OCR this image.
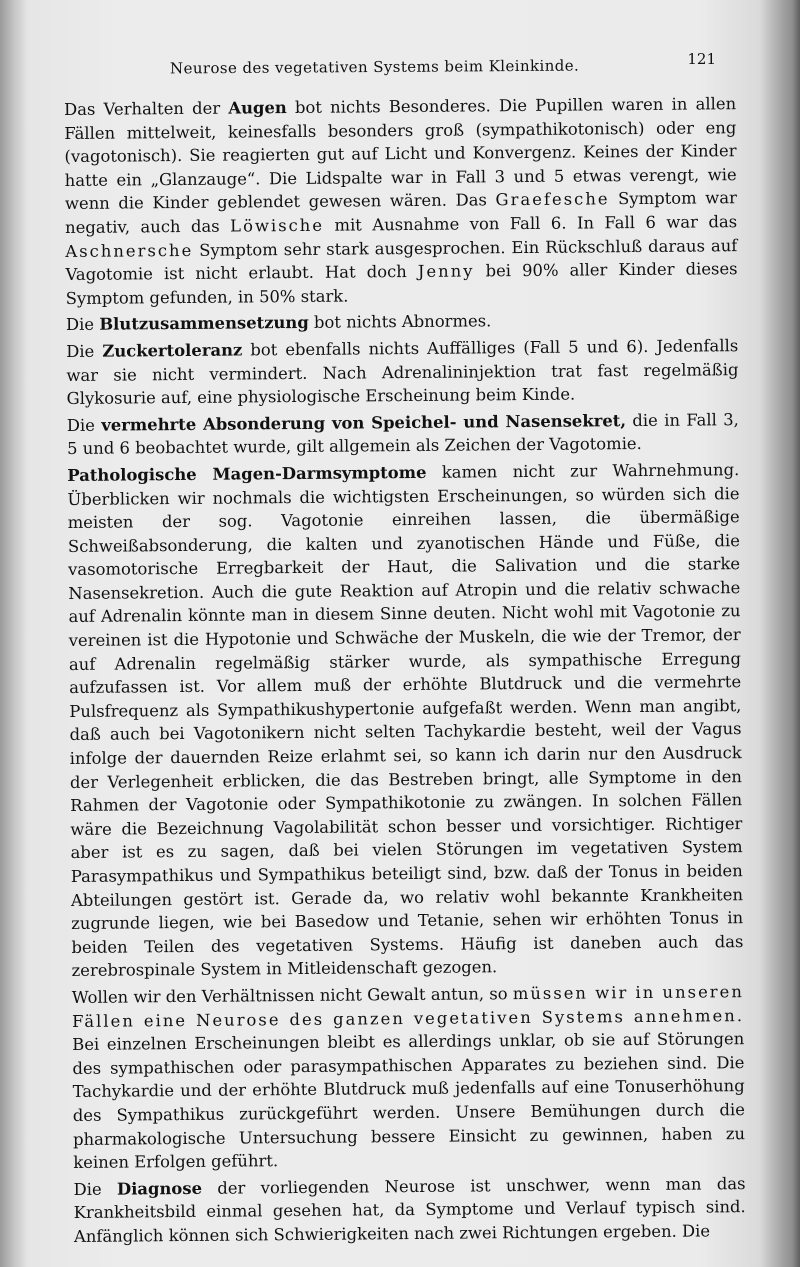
Neurose des vegetativen Systems beim Kleinkinde.	121

Das Verhalten der Augen bot nichts Besonderes. Die Pupillen waren in allen Fällen mittelweit, keinesfalls besonders groß (sympathikotonisch) oder eng (vagotonisch). Sie reagierten gut auf Licht und Konvergenz. Keines der Kinder hatte ein „Glanzauge“. Die Lidspalte war in Fall 3 und 5 etwas verengt, wie wenn die Kinder geblendet gewesen wären. Das Graefesche Symptom war negativ, auch das Löwische mit Ausnahme von Fall 6. In Fall 6 war das Aschnersche Symptom sehr stark ausgesprochen. Ein Rückschluß daraus auf Vagotomie ist nicht erlaubt. Hat doch Jenny bei 90% aller Kinder dieses Symptom gefunden, in 50% stark.

Die Blutzusammensetzung bot nichts Abnormes.

Die Zuckertoleranz bot ebenfalls nichts Auffälliges (Fall 5 und 6). Jedenfalls war sie nicht vermindert. Nach Adrenalininjektion trat fast regelmäßig Glykosurie auf, eine physiologische Erscheinung beim Kinde.

Die vermehrte Absonderung von Speichel- und Nasensekret, die in Fall 3, 5 und 6 beobachtet wurde, gilt allgemein als Zeichen der Vagotomie.

Pathologische Magen-Darmsymptome kamen nicht zur Wahrnehmung. Überblicken wir nochmals die wichtigsten Erscheinungen, so würden sich die meisten der sog. Vagotonie einreihen lassen, die übermäßige Schweißabsonderung, die kalten und zyanotischen Hände und Füße, die vasomotorische Erregbarkeit der Haut, die Salivation und die starke Nasensekretion. Auch die gute Reaktion auf Atropin und die relativ schwache auf Adrenalin könnte man in diesem Sinne deuten. Nicht wohl mit Vagotonie zu vereinen ist die Hypotonie und Schwäche der Muskeln, die wie der Tremor, der auf Adrenalin regelmäßig stärker wurde, als sympathische Erregung aufzufassen ist. Vor allem muß der erhöhte Blutdruck und die vermehrte Pulsfrequenz als Sympathikushypertonie aufgefaßt werden. Wenn man angibt, daß auch bei Vagotonikern nicht selten Tachykardie besteht, weil der Vagus infolge der dauernden Reize erlahmt sei, so kann ich darin nur den Ausdruck der Verlegenheit erblicken, die das Bestreben bringt, alle Symptome in den Rahmen der Vagotonie oder Sympathikotonie zu zwängen. In solchen Fällen wäre die Bezeichnung Vagolabilität schon besser und vorsichtiger. Richtiger aber ist es zu sagen, daß bei vielen Störungen im vegetativen System Parasympathikus und Sympathikus beteiligt sind, bzw. daß der Tonus in beiden Abteilungen gestört ist. Gerade da, wo relativ wohl bekannte Krankheiten zugrunde liegen, wie bei Basedow und Tetanie, sehen wir erhöhten Tonus in beiden Teilen des vegetativen Systems. Häufig ist daneben auch das zerebrospinale System in Mitleidenschaft gezogen.

Wollen wir den Verhältnissen nicht Gewalt antun, so müssen wir in unseren Fällen eine Neurose des ganzen vegetativen Systems annehmen. Bei einzelnen Erscheinungen bleibt es allerdings unklar, ob sie auf Störungen des sympathischen oder parasympathischen Apparates zu beziehen sind. Die Tachykardie und der erhöhte Blutdruck muß jedenfalls auf eine Tonuserhöhung des Sympathikus zurückgeführt werden. Unsere Bemühungen durch die pharmakologische Untersuchung bessere Einsicht zu gewinnen, haben zu keinen Erfolgen geführt.

Die Diagnose der vorliegenden Neurose ist unschwer, wenn man das Krankheitsbild einmal gesehen hat, da Symptome und Verlauf typisch sind. Anfänglich können sich Schwierigkeiten nach zwei Richtungen ergeben. Die
